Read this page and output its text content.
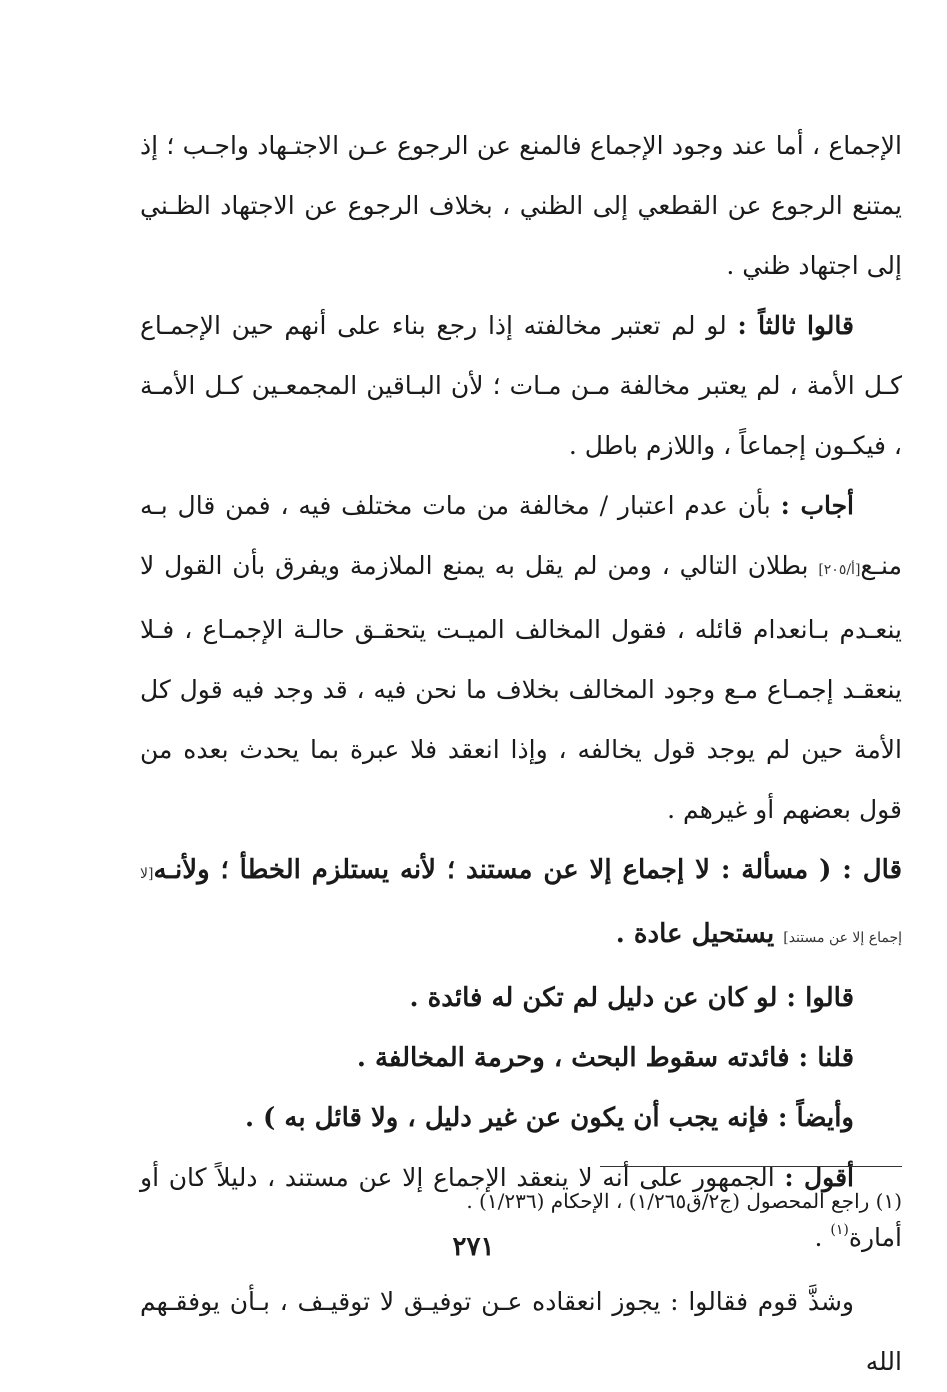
الإجماع ، أما عند وجود الإجماع فالمنع عن الرجوع عـن الاجتـهاد واجـب ؛ إذ يمتنع الرجوع عن القطعي إلى الظني ، بخلاف الرجوع عن الاجتهاد الظـني إلى اجتهاد ظني .

قالوا ثالثاً : لو لم تعتبر مخالفته إذا رجع بناء على أنهم حين الإجمـاع كـل الأمة ، لم يعتبر مخالفة مـن مـات ؛ لأن البـاقين المجمعـين كـل الأمـة ، فيكـون إجماعاً ، واللازم باطل .

أجاب : بأن عدم اعتبار / مخالفة من مات مختلف فيه ، فمن قال بـه منـع[أ/٢٠٥] بطلان التالي ، ومن لم يقل به يمنع الملازمة ويفرق بأن القول لا ينعـدم بـانعدام قائله ، فقول المخالف الميـت يتحقـق حالـة الإجمـاع ، فـلا ينعقـد إجمـاع مـع وجود المخالف بخلاف ما نحن فيه ، قد وجد فيه قول كل الأمة حين لم يوجد قول يخالفه ، وإذا انعقد فلا عبرة بما يحدث بعده من قول بعضهم أو غيرهم .

قال : ( مسألة : لا إجماع إلا عن مستند ؛ لأنه يستلزم الخطأ ؛ ولأنـه[لا إجماع إلا عن مستند] يستحيل عادة .

قالوا : لو كان عن دليل لم تكن له فائدة .

قلنا : فائدته سقوط البحث ، وحرمة المخالفة .

وأيضاً : فإنه يجب أن يكون عن غير دليل ، ولا قائل به ) .

أقول : الجمهور على أنه لا ينعقد الإجماع إلا عن مستند ، دليلاً كان أو أمارة$^{(١)}$ .

وشذَّ قوم فقالوا : يجوز انعقاده عـن توفيـق لا توقيـف ، بـأن يوفقـهم الله

(١) راجع المحصول (ج٢/ق١/٢٦٥) ، الإحكام (١/٢٣٦) .
٢٧١
